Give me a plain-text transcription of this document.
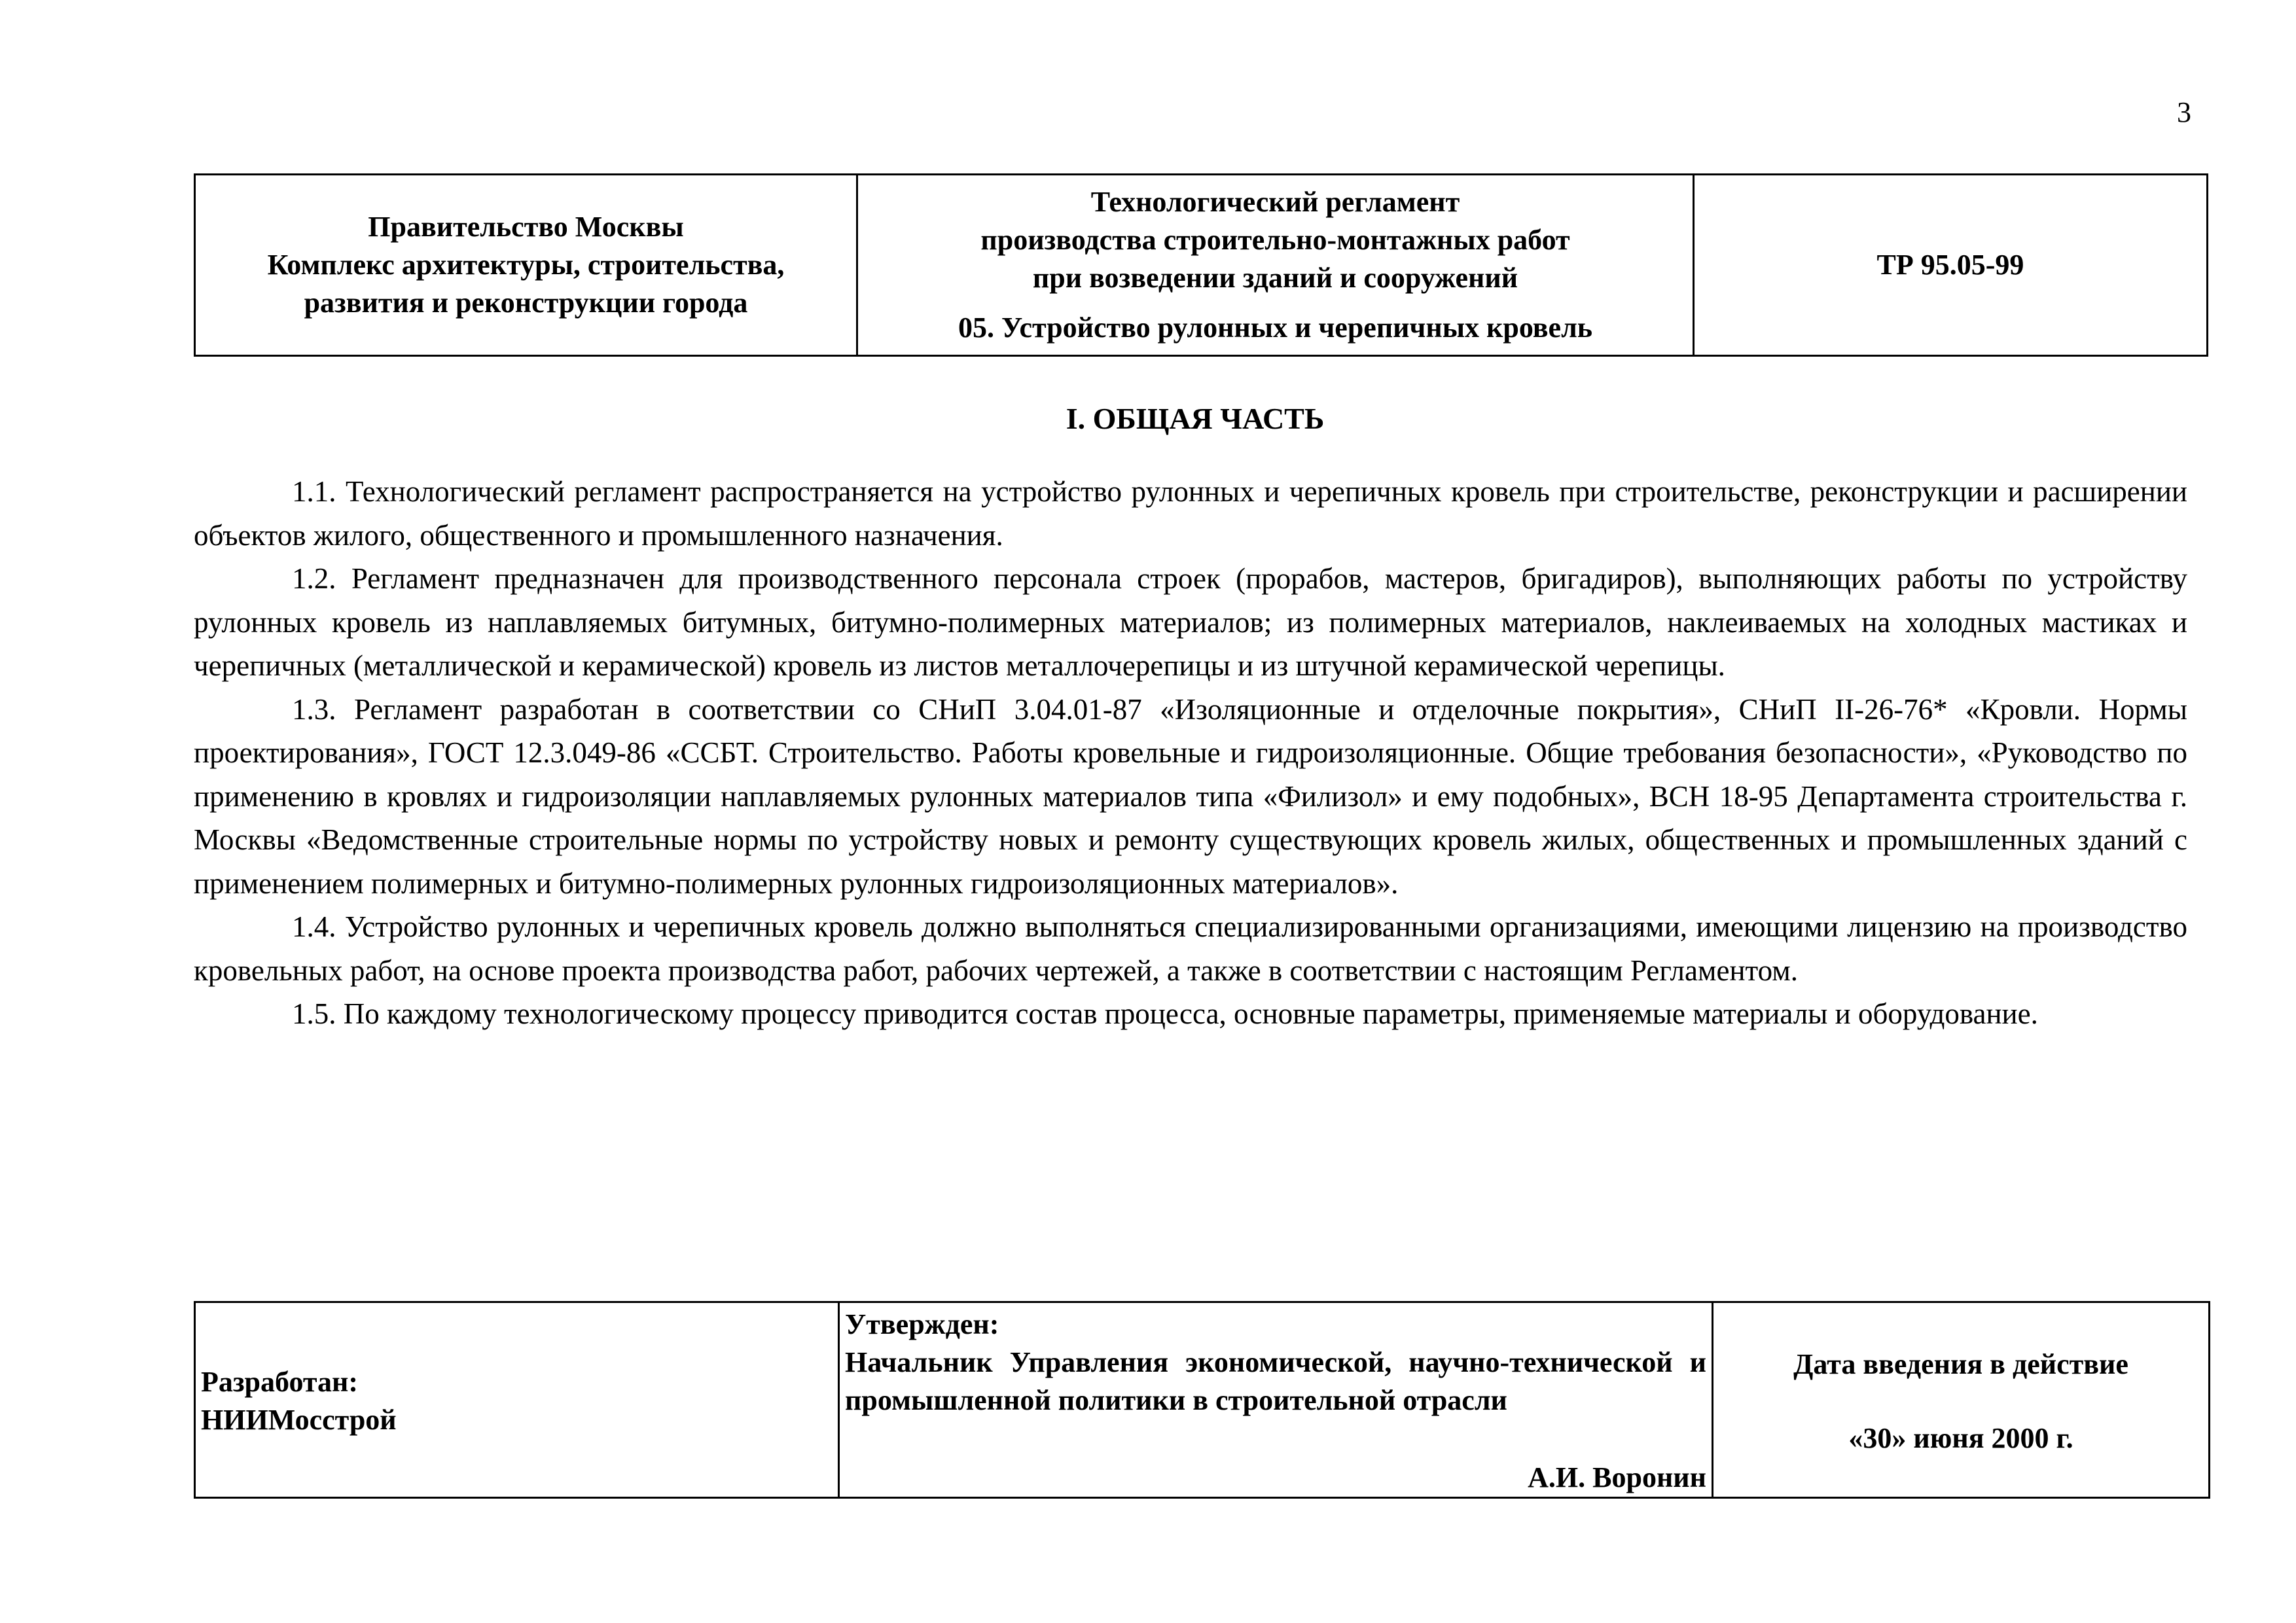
3
Правительство Москвы
Комплекс архитектуры, строительства,
развития и реконструкции города

Технологический регламент
производства строительно-монтажных работ
при возведении зданий и сооружений
05. Устройство рулонных и черепичных кровель
	ТР 95.05-99
I. ОБЩАЯ ЧАСТЬ

1.1. Технологический регламент распространяется на устройство рулонных и черепичных кровель при строительстве, реконструкции и расширении объектов жилого, общественного и промышленного назначения.

1.2. Регламент предназначен для производственного персонала строек (прорабов, мастеров, бригадиров), выполняющих работы по устройству рулонных кровель из наплавляемых битумных, битумно-полимерных материалов; из полимерных материалов, наклеиваемых на холодных мастиках и черепичных (металлической и керамической) кровель из листов металлочерепицы и из штучной керамической черепицы.

1.3. Регламент разработан в соответствии со СНиП 3.04.01-87 «Изоляционные и отделочные покрытия», СНиП II-26-76* «Кровли. Нормы проектирования», ГОСТ 12.3.049-86 «ССБТ. Строительство. Работы кровельные и гидроизоляционные. Общие требования безопасности», «Руководство по применению в кровлях и гидроизоляции наплавляемых рулонных материалов типа «Филизол» и ему подобных», ВСН 18-95 Департамента строительства г. Москвы «Ведомственные строительные нормы по устройству новых и ремонту существующих кровель жилых, общественных и промышленных зданий с применением полимерных и битумно-полимерных рулонных гидроизоляционных материалов».

1.4. Устройство рулонных и черепичных кровель должно выполняться специализированными организациями, имеющими лицензию на производство кровельных работ, на основе проекта производства работ, рабочих чертежей, а также в соответствии с настоящим Регламентом.

1.5. По каждому технологическому процессу приводится состав процесса, основные параметры, применяемые материалы и оборудование.

Разработан:
НИИМосстрой

Утвержден:
Начальник Управления экономической, научно-технической и промышленной политики в строительной отрасли
А.И. Воронин

Дата введения в действие
«30» июня 2000 г.
